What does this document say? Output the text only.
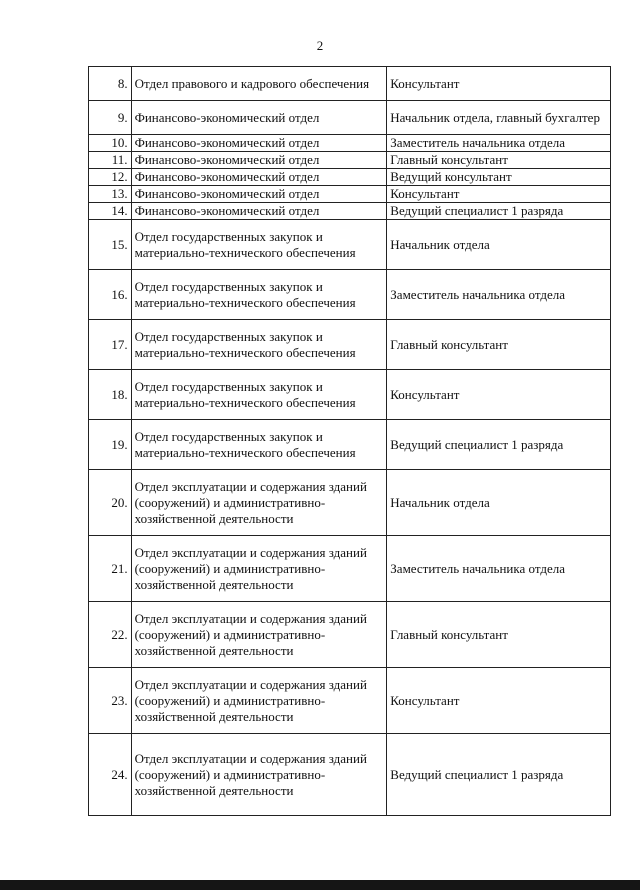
2
8.	Отдел правового и кадрового обеспечения	Консультант
9.	Финансово-экономический отдел	Начальник отдела, главный бухгалтер
10.	Финансово-экономический отдел	Заместитель начальника отдела
11.	Финансово-экономический отдел	Главный консультант
12.	Финансово-экономический отдел	Ведущий консультант
13.	Финансово-экономический отдел	Консультант
14.	Финансово-экономический отдел	Ведущий специалист 1 разряда
15.	Отдел государственных закупок и материально-технического обеспечения	Начальник отдела
16.	Отдел государственных закупок и материально-технического обеспечения	Заместитель начальника отдела
17.	Отдел государственных закупок и материально-технического обеспечения	Главный консультант
18.	Отдел государственных закупок и материально-технического обеспечения	Консультант
19.	Отдел государственных закупок и материально-технического обеспечения	Ведущий специалист 1 разряда
20.	Отдел эксплуатации и содержания зданий (сооружений) и административно-хозяйственной деятельности	Начальник отдела
21.	Отдел эксплуатации и содержания зданий (сооружений) и административно-хозяйственной деятельности	Заместитель начальника отдела
22.	Отдел эксплуатации и содержания зданий (сооружений) и административно-хозяйственной деятельности	Главный консультант
23.	Отдел эксплуатации и содержания зданий (сооружений) и административно-хозяйственной деятельности	Консультант
24.	Отдел эксплуатации и содержания зданий (сооружений) и административно-хозяйственной деятельности	Ведущий специалист 1 разряда
